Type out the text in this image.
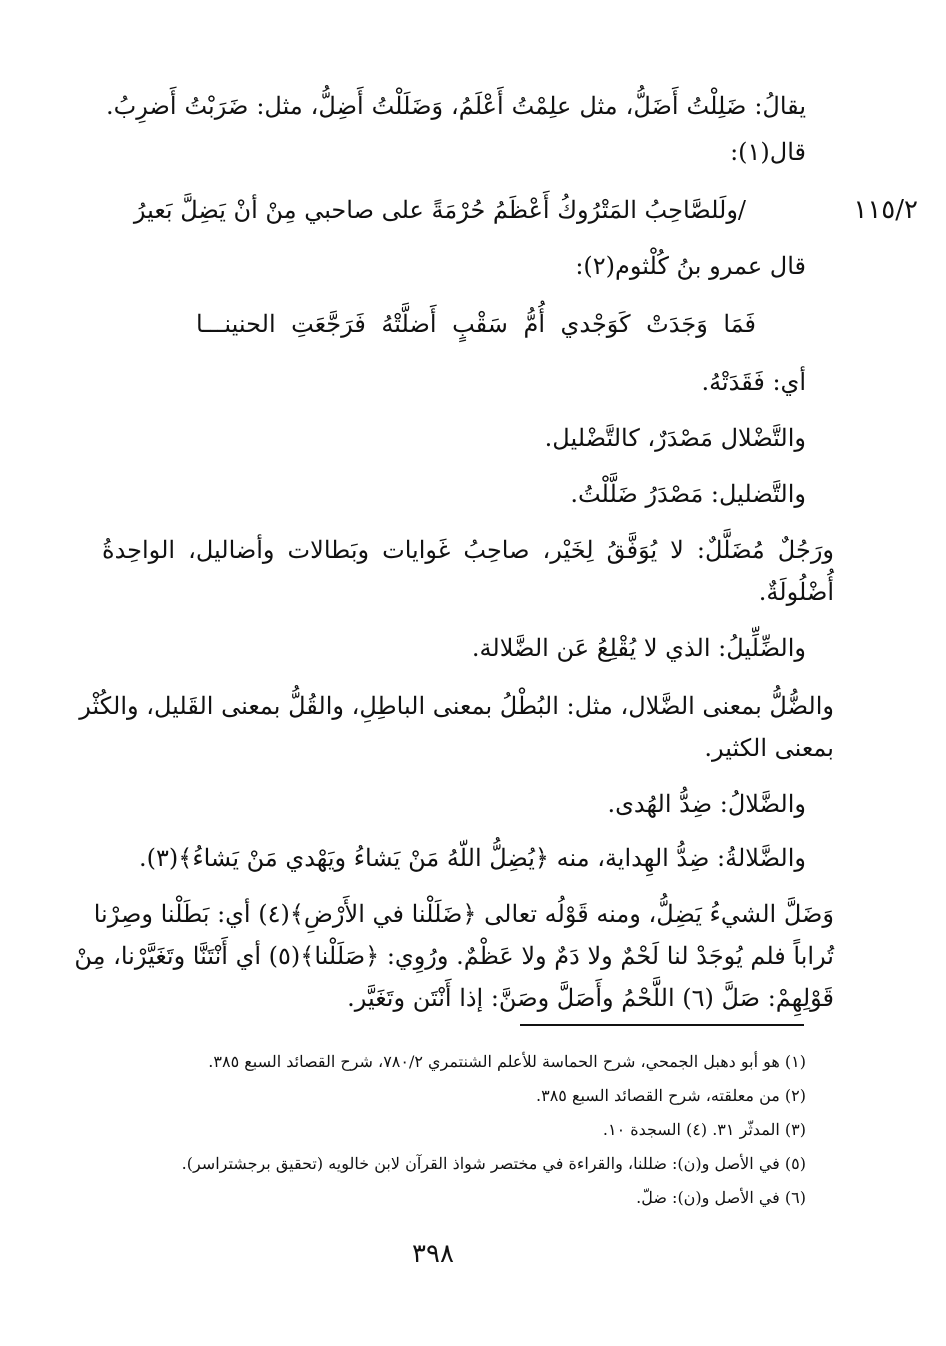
١١٥/٢
يقالُ: ضَلِلْتُ أَضَلُّ، مثل علِمْتُ أَعْلَمُ، وَضَلَلْتُ أَضِلُّ، مثل: ضَرَبْتُ أَضرِبُ.
قال(١):
/ولَلصَّاحِبُ المَتْرُوكُ أَعْظَمُ حُرْمَةً على صاحبي مِنْ أنْ يَضِلَّ بَعيرُ
قال عمرو بنُ كُلْثوم(٢):
فَمَا وَجَدَتْ كَوَجْدي أُمُّ سَقْبٍ أَضلَّتْهُ فَرَجَّعَتِ الحنينـــا
أي: فَقَدَتْهُ.
والتَّضْلال مَصْدَرٌ، كالتَّضْليل.
والتَّضليل: مَصْدَرُ ضَلَّلْتُ.
ورَجُلٌ مُضَلَّلٌ: لا يُوَفَّقُ لِخَيْر، صاحِبُ غَوايات وبَطالات وأضاليل، الواحِدةُ
أُضْلُولَةٌ.
والضِّلِّيلُ: الذي لا يُقْلِعُ عَن الضَّلالة.
والضُّلُّ بمعنى الضَّلال، مثل: البُطْلُ بمعنى الباطِلِ، والقُلُّ بمعنى القَليل، والكُثْر
بمعنى الكثير.
والضَّلالُ: ضِدُّ الهُدى.
والضَّلالةُ: ضِدُّ الهِداية، منه ﴿يُضِلُّ اللّهُ مَنْ يَشاءُ ويَهْدي مَنْ يَشاءُ﴾(٣).
وَضَلَّ الشيءُ يَضِلُّ، ومنه قَوْلُه تعالى ﴿ضَلَلْنا في الأَرْضِ﴾(٤) أي: بَطَلْنا وصِرْنا
تُراباً فلم يُوجَدْ لنا لَحْمٌ ولا دَمٌ ولا عَظْمٌ. ورُوِي: ﴿صَلَلْنا﴾(٥) أي أَنْتَنَّا وتَغَيَّرْنا، مِنْ
قَوْلِهِمْ: صَلَّ (٦) اللَّحْمُ وأَصَلَّ وصَنَّ: إذا أَنْتَن وتَغَيَّر.
(١) هو أبو دهبل الجمحي، شرح الحماسة للأعلم الشنتمري ٧٨٠/٢، شرح القصائد السبع ٣٨٥.
(٢) من معلقته، شرح القصائد السبع ٣٨٥.
(٣) المدثّر ٣١. (٤) السجدة ١٠.
(٥) في الأصل و(ن): ضللنا، والقراءة في مختصر شواذ القرآن لابن خالويه (تحقيق برجشتراسر).
(٦) في الأصل و(ن): ضلّ.
٣٩٨
